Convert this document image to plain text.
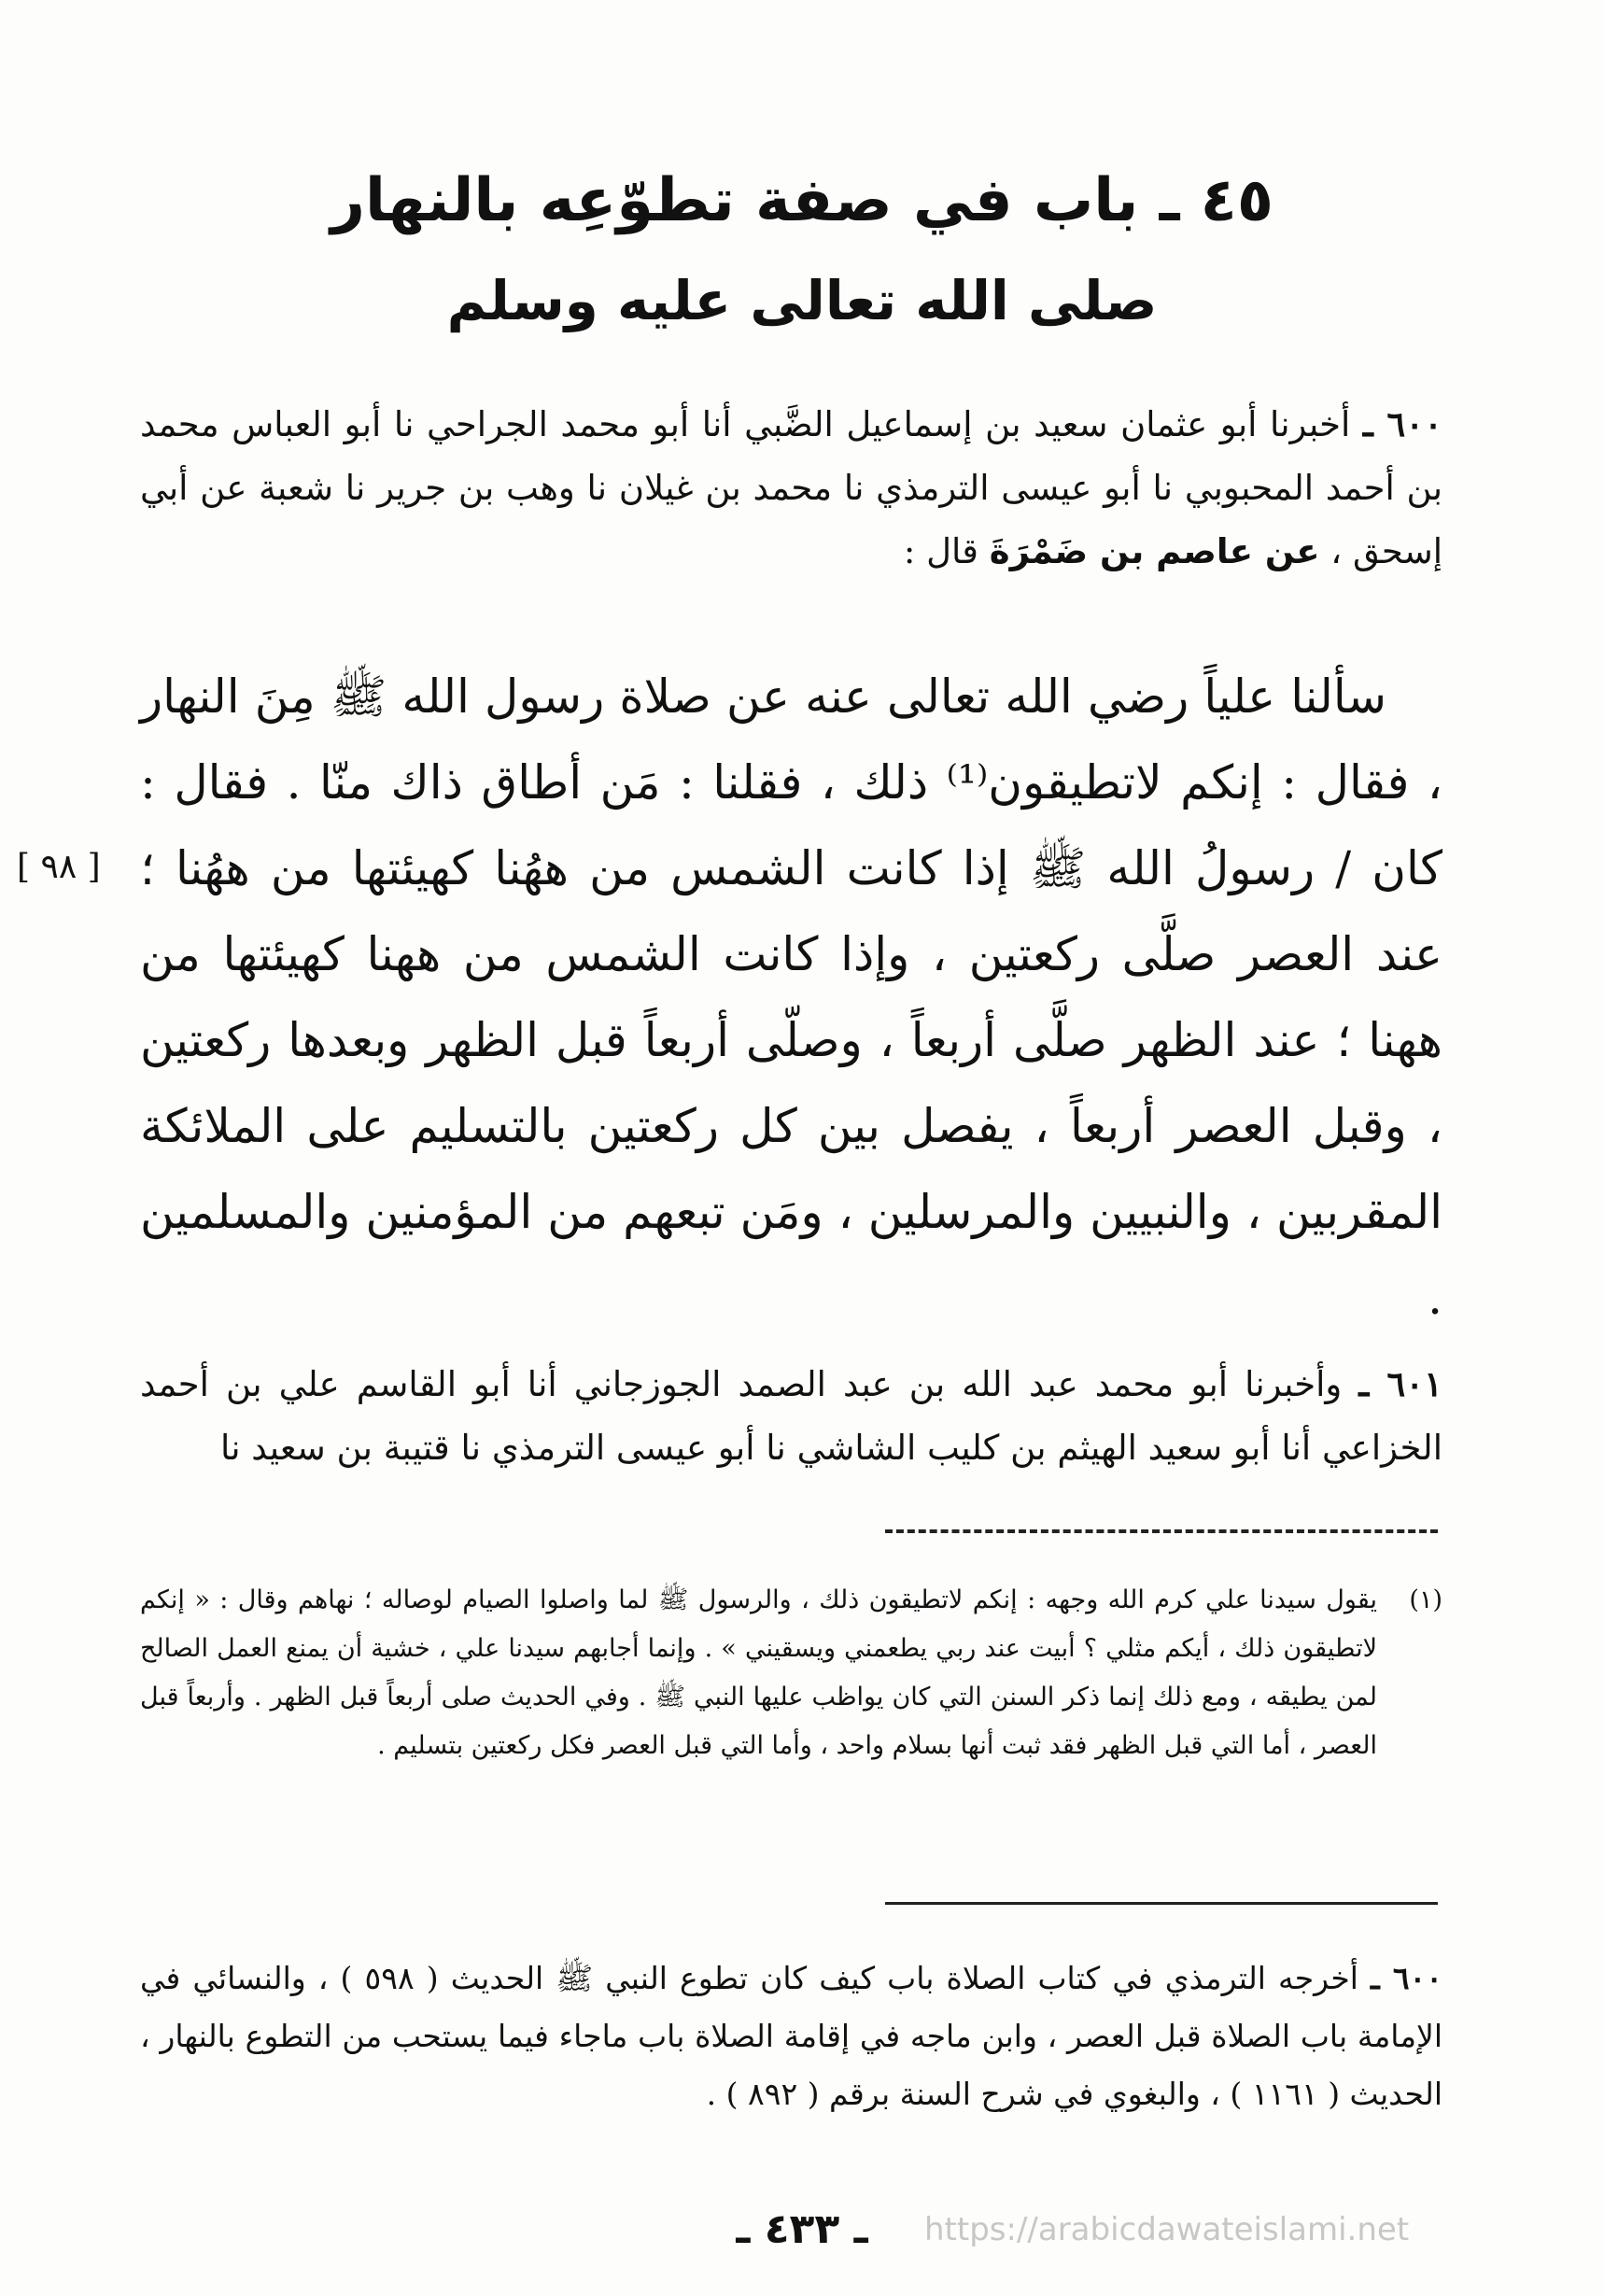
٤٥ ـ باب في صفة تطوّعِه بالنهار
صلى الله تعالى عليه وسلم

٦٠٠ ـ أخبرنا أبو عثمان سعيد بن إسماعيل الضَّبي أنا أبو محمد الجراحي نا أبو العباس محمد بن أحمد المحبوبي نا أبو عيسى الترمذي نا محمد بن غيلان نا وهب بن جرير نا شعبة عن أبي إسحق ، عن عاصم بن ضَمْرَةَ قال :

سألنا علياً رضي الله تعالى عنه عن صلاة رسول الله ﷺ مِنَ النهار ، فقال : إنكم لاتطيقون⁽¹⁾ ذلك ، فقلنا : مَن أطاق ذاك منّا . فقال : كان / رسولُ الله ﷺ إذا كانت الشمس من ههُنا كهيئتها من ههُنا ؛ عند العصر صلَّى ركعتين ، وإذا كانت الشمس من ههنا كهيئتها من ههنا ؛ عند الظهر صلَّى أربعاً ، وصلّى أربعاً قبل الظهر وبعدها ركعتين ، وقبل العصر أربعاً ، يفصل بين كل ركعتين بالتسليم على الملائكة المقربين ، والنبيين والمرسلين ، ومَن تبعهم من المؤمنين والمسلمين .

[ ٩٨ ]

٦٠١ ـ وأخبرنا أبو محمد عبد الله بن عبد الصمد الجوزجاني أنا أبو القاسم علي بن أحمد الخزاعي أنا أبو سعيد الهيثم بن كليب الشاشي نا أبو عيسى الترمذي نا قتيبة بن سعيد نا

(١)
يقول سيدنا علي كرم الله وجهه : إنكم لاتطيقون ذلك ، والرسول ﷺ لما واصلوا الصيام لوصاله ؛ نهاهم وقال : « إنكم لاتطيقون ذلك ، أيكم مثلي ؟ أبيت عند ربي يطعمني ويسقيني » . وإنما أجابهم سيدنا علي ، خشية أن يمنع العمل الصالح لمن يطيقه ، ومع ذلك إنما ذكر السنن التي كان يواظب عليها النبي ﷺ . وفي الحديث صلى أربعاً قبل الظهر . وأربعاً قبل العصر ، أما التي قبل الظهر فقد ثبت أنها بسلام واحد ، وأما التي قبل العصر فكل ركعتين بتسليم .
٦٠٠ ـ أخرجه الترمذي في كتاب الصلاة باب كيف كان تطوع النبي ﷺ الحديث ( ٥٩٨ ) ، والنسائي في الإمامة باب الصلاة قبل العصر ، وابن ماجه في إقامة الصلاة باب ماجاء فيما يستحب من التطوع بالنهار ، الحديث ( ١١٦١ ) ، والبغوي في شرح السنة برقم ( ٨٩٢ ) .
ـ ٤٣٣ ـ	https://arabicdawateislami.net
